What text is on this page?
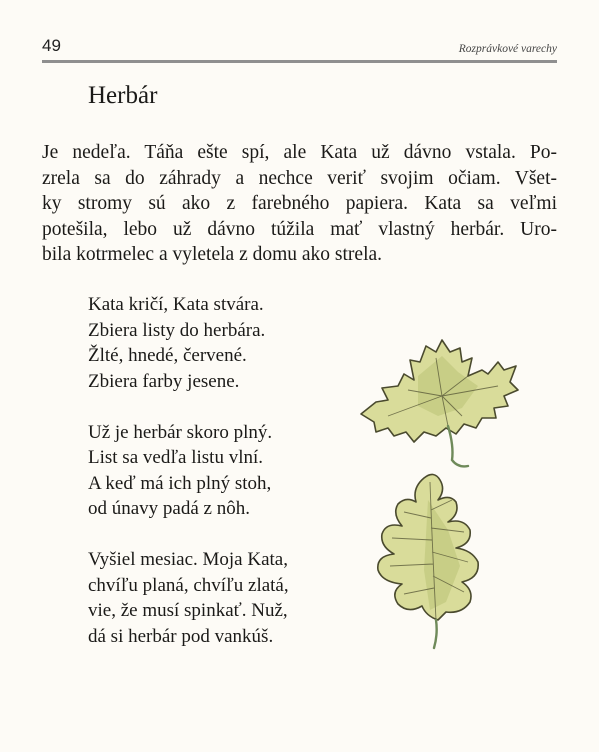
49	Rozprávkové varechy
Herbár
Je nedeľa. Táňa ešte spí, ale Kata už dávno vstala. Po-
zrela sa do záhrady a nechce veriť svojim očiam. Všet-
ky stromy sú ako z farebného papiera. Kata sa veľmi
potešila, lebo už dávno túžila mať vlastný herbár. Uro-
bila kotrmelec a vyletela z domu ako strela.
Kata kričí, Kata stvára.
Zbiera listy do herbára.
Žlté, hnedé, červené.
Zbiera farby jesene.
Už je herbár skoro plný.
List sa vedľa listu vlní.
A keď má ich plný stoh,
od únavy padá z nôh.
Vyšiel mesiac. Moja Kata,
chvíľu planá, chvíľu zlatá,
vie, že musí spinkať. Nuž,
dá si herbár pod vankúš.
